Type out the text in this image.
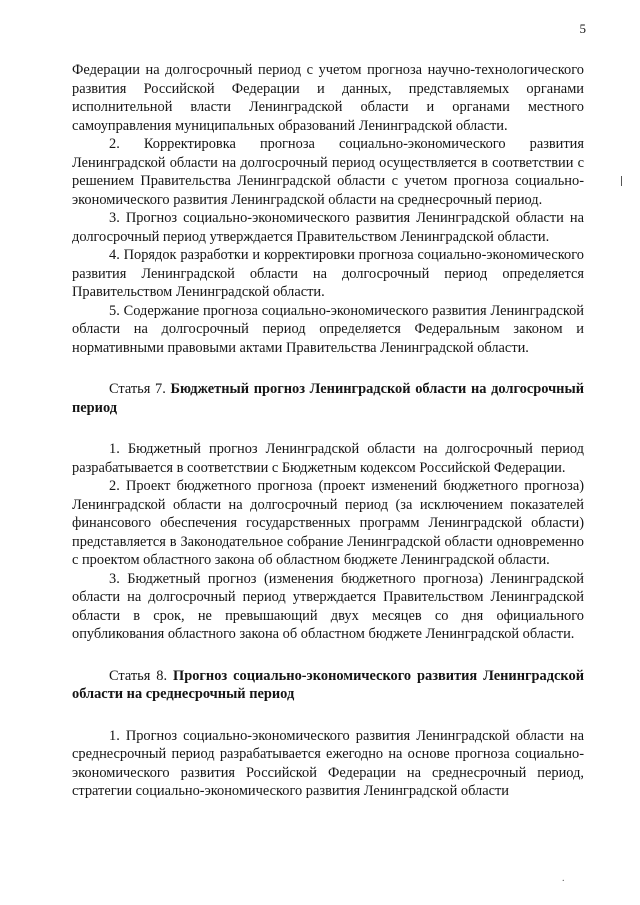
5
.

Федерации на долгосрочный период с учетом прогноза научно-технологического развития Российской Федерации и данных, представляемых органами исполнительной власти Ленинградской области и органами местного самоуправления муниципальных образований Ленинградской области.

2. Корректировка прогноза социально-экономического развития Ленинградской области на долгосрочный период осуществляется в соответствии с решением Правительства Ленинградской области с учетом прогноза социально-экономического развития Ленинградской области на среднесрочный период.

3. Прогноз социально-экономического развития Ленинградской области на долгосрочный период утверждается Правительством Ленинградской области.

4. Порядок разработки и корректировки прогноза социально-экономического развития Ленинградской области на долгосрочный период определяется Правительством Ленинградской области.

5. Содержание прогноза социально-экономического развития Ленинградской области на долгосрочный период определяется Федеральным законом и нормативными правовыми актами Правительства Ленинградской области.

Статья 7. Бюджетный прогноз Ленинградской области на долгосрочный период

1. Бюджетный прогноз Ленинградской области на долгосрочный период разрабатывается в соответствии с Бюджетным кодексом Российской Федерации.

2. Проект бюджетного прогноза (проект изменений бюджетного прогноза) Ленинградской области на долгосрочный период (за исключением показателей финансового обеспечения государственных программ Ленинградской области) представляется в Законодательное собрание Ленинградской области одновременно с проектом областного закона об областном бюджете Ленинградской области.

3. Бюджетный прогноз (изменения бюджетного прогноза) Ленинградской области на долгосрочный период утверждается Правительством Ленинградской области в срок, не превышающий двух месяцев со дня официального опубликования областного закона об областном бюджете Ленинградской области.

Статья 8. Прогноз социально-экономического развития Ленинградской области на среднесрочный период

1. Прогноз социально-экономического развития Ленинградской области на среднесрочный период разрабатывается ежегодно на основе прогноза социально-экономического развития Российской Федерации на среднесрочный период, стратегии социально-экономического развития Ленинградской области
